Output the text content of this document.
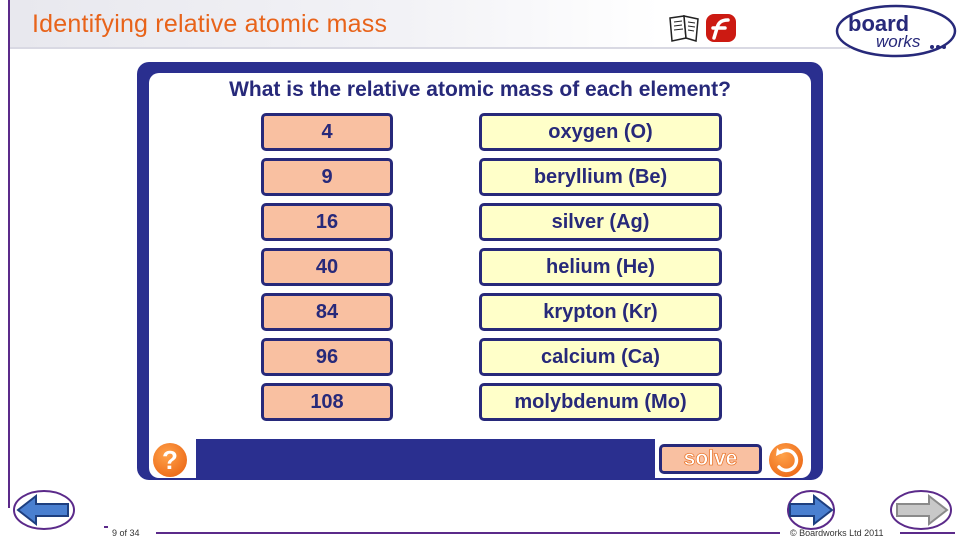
Identifying relative atomic mass	board
works
What is the relative atomic mass of each element?
4
9
16
40
84
96
108
oxygen (O)
beryllium (Be)
silver (Ag)
helium (He)
krypton (Kr)
calcium (Ca)
molybdenum (Mo)
?	solve
9 of 34	© Boardworks Ltd 2011
